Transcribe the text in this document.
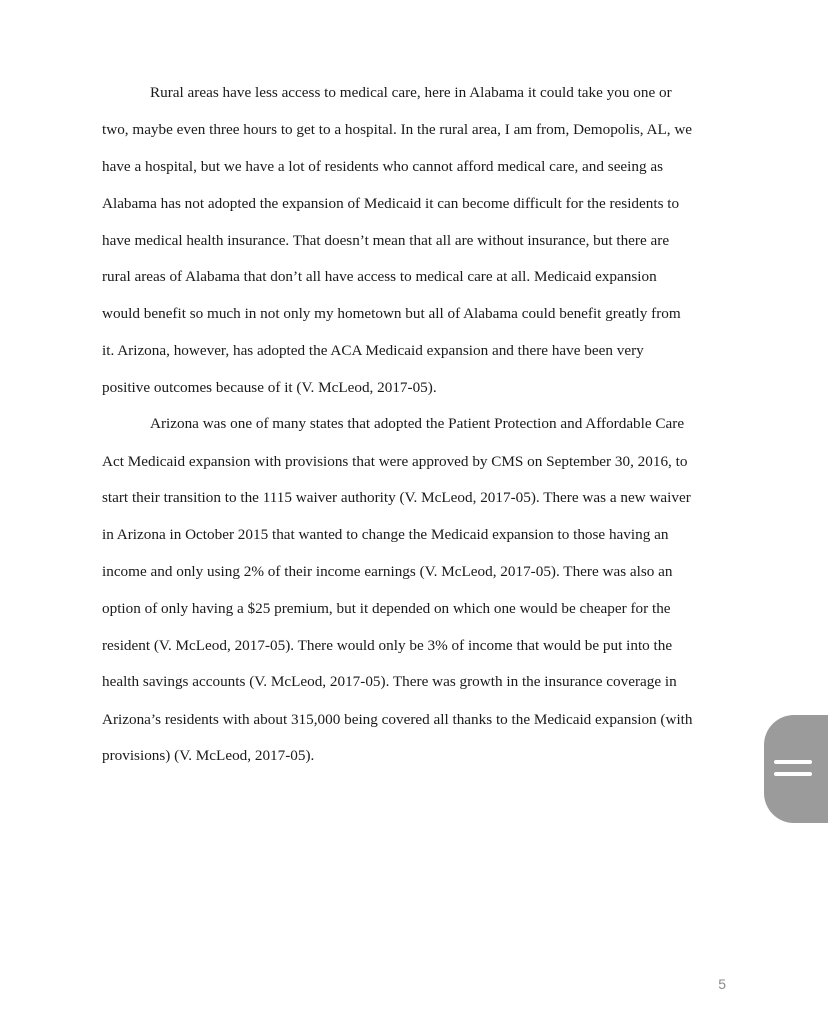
Rural areas have less access to medical care, here in Alabama it could take you one or
two, maybe even three hours to get to a hospital. In the rural area, I am from, Demopolis, AL, we
have a hospital, but we have a lot of residents who cannot afford medical care, and seeing as
Alabama has not adopted the expansion of Medicaid it can become difficult for the residents to
have medical health insurance. That doesn’t mean that all are without insurance, but there are
rural areas of Alabama that don’t all have access to medical care at all. Medicaid expansion
would benefit so much in not only my hometown but all of Alabama could benefit greatly from
it. Arizona, however, has adopted the ACA Medicaid expansion and there have been very
positive outcomes because of it (V. McLeod, 2017-05).
Arizona was one of many states that adopted the Patient Protection and Affordable Care
Act Medicaid expansion with provisions that were approved by CMS on September 30, 2016, to
start their transition to the 1115 waiver authority (V. McLeod, 2017-05). There was a new waiver
in Arizona in October 2015 that wanted to change the Medicaid expansion to those having an
income and only using 2% of their income earnings (V. McLeod, 2017-05). There was also an
option of only having a $25 premium, but it depended on which one would be cheaper for the
resident (V. McLeod, 2017-05). There would only be 3% of income that would be put into the
health savings accounts (V. McLeod, 2017-05). There was growth in the insurance coverage in
Arizona’s residents with about 315,000 being covered all thanks to the Medicaid expansion (with
provisions) (V. McLeod, 2017-05).
5
